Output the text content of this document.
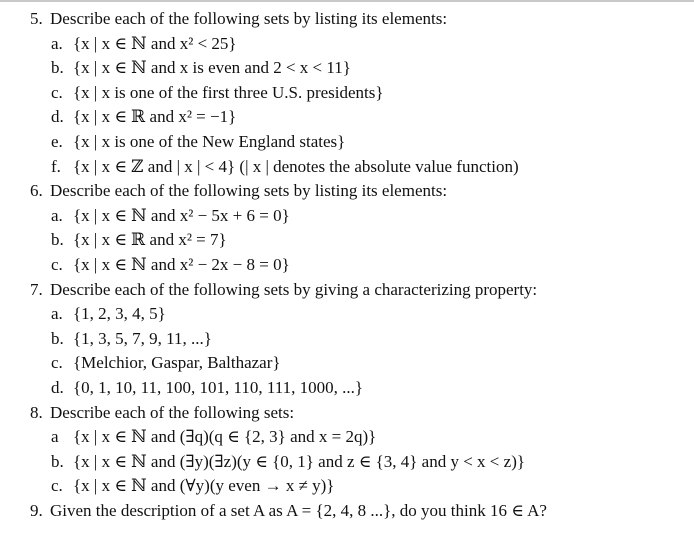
5. Describe each of the following sets by listing its elements:
a. {x | x ∈ ℕ and x² < 25}
b. {x | x ∈ ℕ and x is even and 2 < x < 11}
c. {x | x is one of the first three U.S. presidents}
d. {x | x ∈ ℝ and x² = −1}
e. {x | x is one of the New England states}
f. {x | x ∈ ℤ and | x | < 4} (| x | denotes the absolute value function)
6. Describe each of the following sets by listing its elements:
a. {x | x ∈ ℕ and x² − 5x + 6 = 0}
b. {x | x ∈ ℝ and x² = 7}
c. {x | x ∈ ℕ and x² − 2x − 8 = 0}
7. Describe each of the following sets by giving a characterizing property:
a. {1, 2, 3, 4, 5}
b. {1, 3, 5, 7, 9, 11, ...}
c. {Melchior, Gaspar, Balthazar}
d. {0, 1, 10, 11, 100, 101, 110, 111, 1000, ...}
8. Describe each of the following sets:
a {x | x ∈ ℕ and (∃q)(q ∈ {2, 3} and x = 2q)}
b. {x | x ∈ ℕ and (∃y)(∃z)(y ∈ {0, 1} and z ∈ {3, 4} and y < x < z)}
c. {x | x ∈ ℕ and (∀y)(y even → x ≠ y)}
9. Given the description of a set A as A = {2, 4, 8 ...}, do you think 16 ∈ A?
